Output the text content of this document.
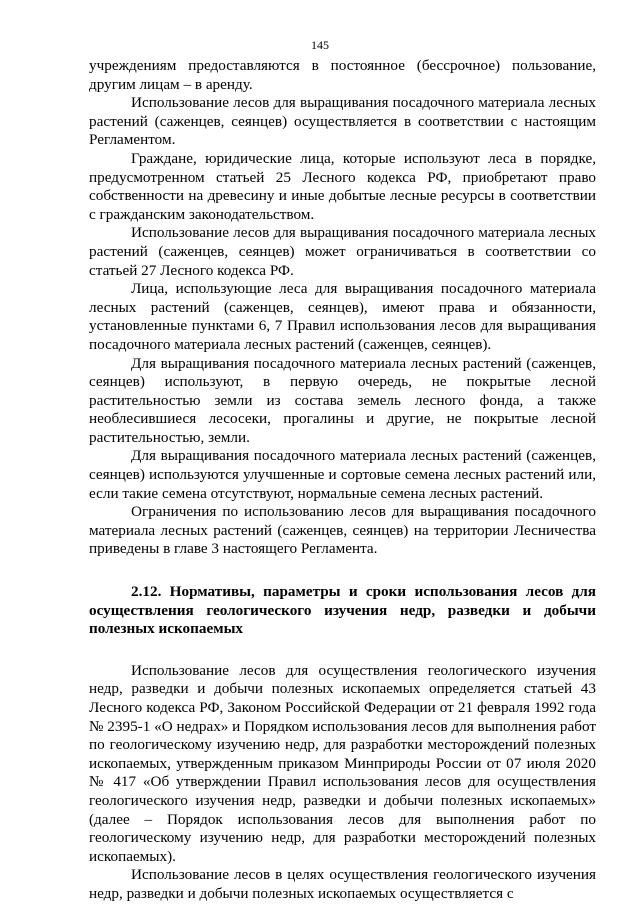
145

учреждениям предоставляются в постоянное (бессрочное) пользование, другим лицам – в аренду.

Использование лесов для выращивания посадочного материала лесных растений (саженцев, сеянцев) осуществляется в соответствии с настоящим Регламентом.

Граждане, юридические лица, которые используют леса в порядке, предусмотренном статьей 25 Лесного кодекса РФ, приобретают право собственности на древесину и иные добытые лесные ресурсы в соответствии с гражданским законодательством.

Использование лесов для выращивания посадочного материала лесных растений (саженцев, сеянцев) может ограничиваться в соответствии со статьей 27 Лесного кодекса РФ.

Лица, использующие леса для выращивания посадочного материала лесных растений (саженцев, сеянцев), имеют права и обязанности, установленные пунктами 6, 7 Правил использования лесов для выращивания посадочного материала лесных растений (саженцев, сеянцев).

Для выращивания посадочного материала лесных растений (саженцев, сеянцев) используют, в первую очередь, не покрытые лесной растительностью земли из состава земель лесного фонда, а также необлесившиеся лесосеки, прогалины и другие, не покрытые лесной растительностью, земли.

Для выращивания посадочного материала лесных растений (саженцев, сеянцев) используются улучшенные и сортовые семена лесных растений или, если такие семена отсутствуют, нормальные семена лесных растений.

Ограничения по использованию лесов для выращивания посадочного материала лесных растений (саженцев, сеянцев) на территории Лесничества приведены в главе 3 настоящего Регламента.

2.12. Нормативы, параметры и сроки использования лесов для осуществления геологического изучения недр, разведки и добычи полезных ископаемых

Использование лесов для осуществления геологического изучения недр, разведки и добычи полезных ископаемых определяется статьей 43 Лесного кодекса РФ, Законом Российской Федерации от 21 февраля 1992 года № 2395-1 «О недрах» и Порядком использования лесов для выполнения работ по геологическому изучению недр, для разработки месторождений полезных ископаемых, утвержденным приказом Минприроды России от 07 июля 2020 № 417 «Об утверждении Правил использования лесов для осуществления геологического изучения недр, разведки и добычи полезных ископаемых» (далее – Порядок использования лесов для выполнения работ по геологическому изучению недр, для разработки месторождений полезных ископаемых).

Использование лесов в целях осуществления геологического изучения недр, разведки и добычи полезных ископаемых осуществляется с
